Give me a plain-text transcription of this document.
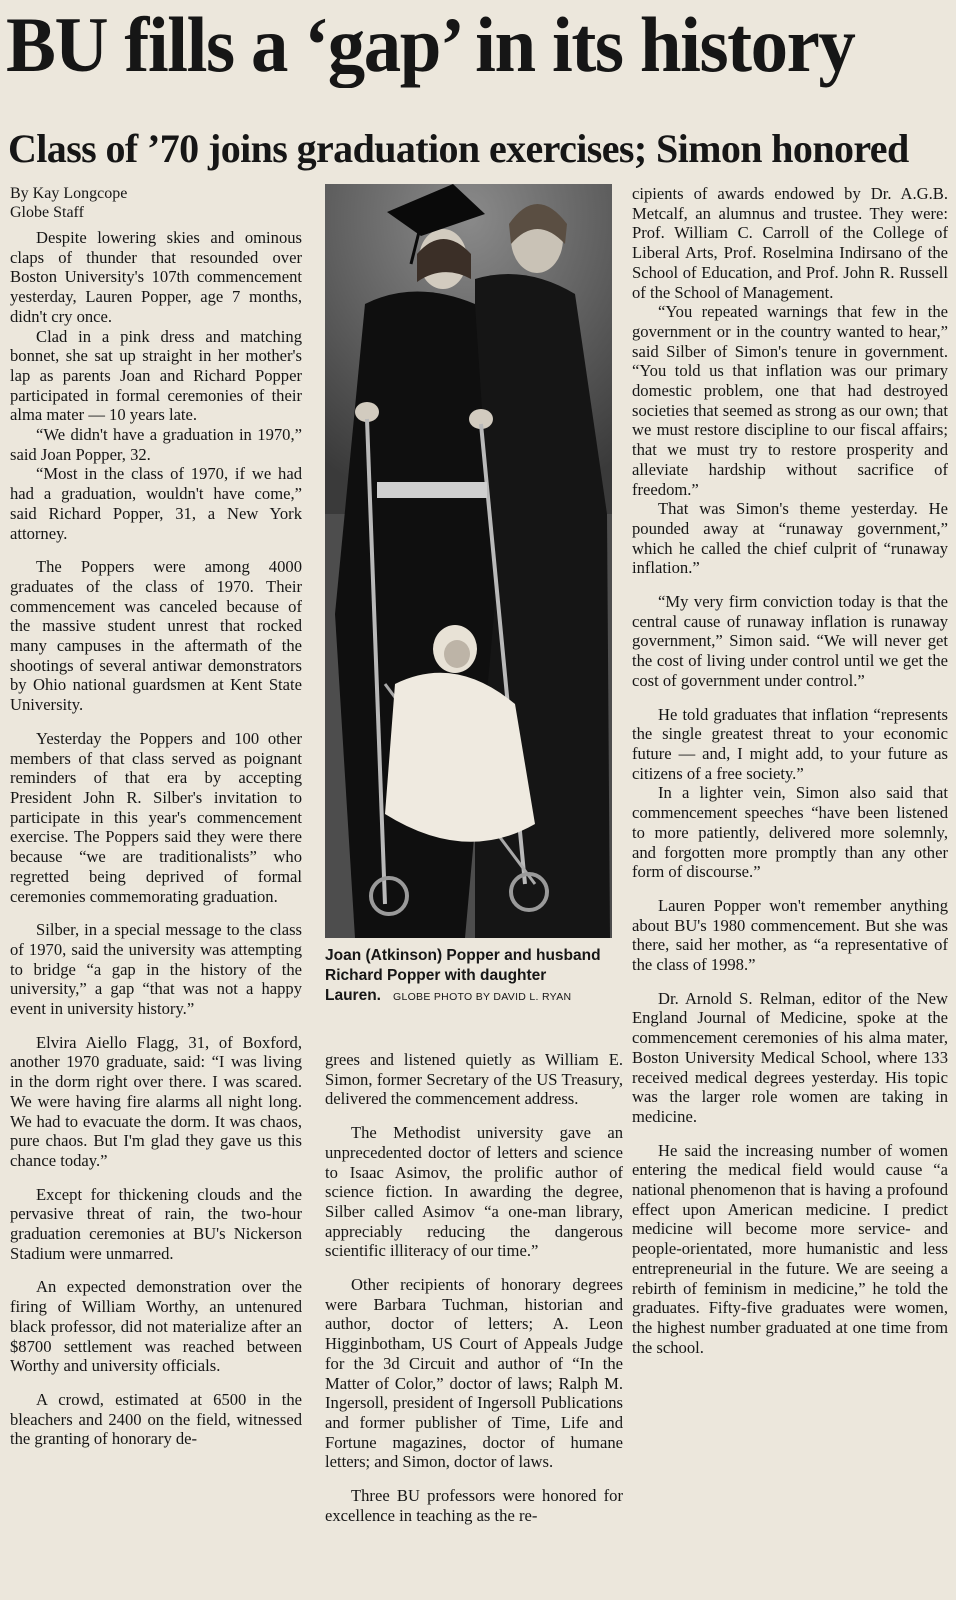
BU fills a ‘gap’ in its history
Class of ’70 joins graduation exercises; Simon honored
By Kay Longcope
Globe Staff

Despite lowering skies and ominous claps of thunder that resounded over Boston University's 107th commencement yesterday, Lauren Popper, age 7 months, didn't cry once.

Clad in a pink dress and matching bonnet, she sat up straight in her mother's lap as parents Joan and Richard Popper participated in formal ceremonies of their alma mater — 10 years late.

“We didn't have a graduation in 1970,” said Joan Popper, 32.

“Most in the class of 1970, if we had had a graduation, wouldn't have come,” said Richard Popper, 31, a New York attorney.

The Poppers were among 4000 graduates of the class of 1970. Their commencement was canceled because of the massive student unrest that rocked many campuses in the aftermath of the shootings of several antiwar demonstrators by Ohio national guardsmen at Kent State University.

Yesterday the Poppers and 100 other members of that class served as poignant reminders of that era by accepting President John R. Silber's invitation to participate in this year's commencement exercise. The Poppers said they were there because “we are traditionalists” who regretted being deprived of formal ceremonies commemorating graduation.

Silber, in a special message to the class of 1970, said the university was attempting to bridge “a gap in the history of the university,” a gap “that was not a happy event in university history.”

Elvira Aiello Flagg, 31, of Boxford, another 1970 graduate, said: “I was living in the dorm right over there. I was scared. We were having fire alarms all night long. We had to evacuate the dorm. It was chaos, pure chaos. But I'm glad they gave us this chance today.”

Except for thickening clouds and the pervasive threat of rain, the two-hour graduation ceremonies at BU's Nickerson Stadium were unmarred.

An expected demonstration over the firing of William Worthy, an untenured black professor, did not materialize after an $8700 settlement was reached between Worthy and university officials.

A crowd, estimated at 6500 in the bleachers and 2400 on the field, witnessed the granting of honorary de-

Joan (Atkinson) Popper and husband Richard Popper with daughter Lauren. GLOBE PHOTO BY DAVID L. RYAN

grees and listened quietly as William E. Simon, former Secretary of the US Treasury, delivered the commencement address.

The Methodist university gave an unprecedented doctor of letters and science to Isaac Asimov, the prolific author of science fiction. In awarding the degree, Silber called Asimov “a one-man library, appreciably reducing the dangerous scientific illiteracy of our time.”

Other recipients of honorary degrees were Barbara Tuchman, historian and author, doctor of letters; A. Leon Higginbotham, US Court of Appeals Judge for the 3d Circuit and author of “In the Matter of Color,” doctor of laws; Ralph M. Ingersoll, president of Ingersoll Publications and former publisher of Time, Life and Fortune magazines, doctor of humane letters; and Simon, doctor of laws.

Three BU professors were honored for excellence in teaching as the re-

cipients of awards endowed by Dr. A.G.B. Metcalf, an alumnus and trustee. They were: Prof. William C. Carroll of the College of Liberal Arts, Prof. Roselmina Indirsano of the School of Education, and Prof. John R. Russell of the School of Management.

“You repeated warnings that few in the government or in the country wanted to hear,” said Silber of Simon's tenure in government. “You told us that inflation was our primary domestic problem, one that had destroyed societies that seemed as strong as our own; that we must restore discipline to our fiscal affairs; that we must try to restore prosperity and alleviate hardship without sacrifice of freedom.”

That was Simon's theme yesterday. He pounded away at “runaway government,” which he called the chief culprit of “runaway inflation.”

“My very firm conviction today is that the central cause of runaway inflation is runaway government,” Simon said. “We will never get the cost of living under control until we get the cost of government under control.”

He told graduates that inflation “represents the single greatest threat to your economic future — and, I might add, to your future as citizens of a free society.”

In a lighter vein, Simon also said that commencement speeches “have been listened to more patiently, delivered more solemnly, and forgotten more promptly than any other form of discourse.”

Lauren Popper won't remember anything about BU's 1980 commencement. But she was there, said her mother, as “a representative of the class of 1998.”

Dr. Arnold S. Relman, editor of the New England Journal of Medicine, spoke at the commencement ceremonies of his alma mater, Boston University Medical School, where 133 received medical degrees yesterday. His topic was the larger role women are taking in medicine.

He said the increasing number of women entering the medical field would cause “a national phenomenon that is having a profound effect upon American medicine. I predict medicine will become more service- and people-orientated, more humanistic and less entrepreneurial in the future. We are seeing a rebirth of feminism in medicine,” he told the graduates. Fifty-five graduates were women, the highest number graduated at one time from the school.
